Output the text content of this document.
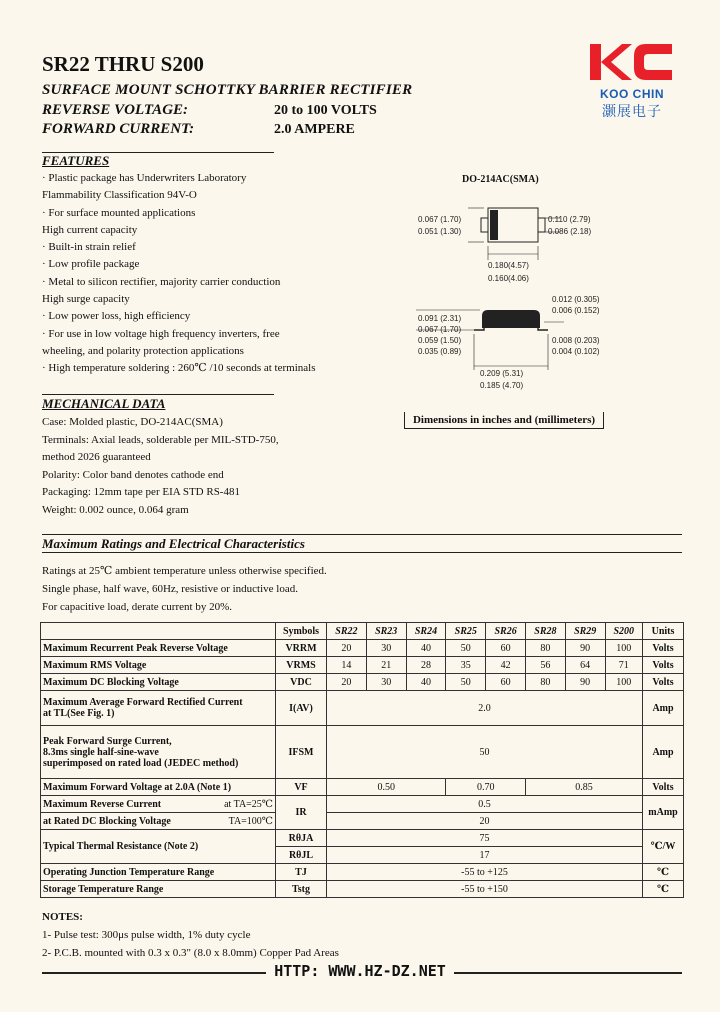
SR22 THRU S200
SURFACE MOUNT SCHOTTKY BARRIER RECTIFIER
REVERSE VOLTAGE:	20 to 100 VOLTS
FORWARD CURRENT:	2.0 AMPERE
KOO CHIN
灏展电子
FEATURES
· Plastic package has Underwriters Laboratory
Flammability Classification 94V-O
· For surface mounted applications
High current capacity
· Built-in strain relief
· Low profile package
· Metal to silicon rectifier, majority carrier conduction
High surge capacity
· Low power loss, high efficiency
· For use in low voltage high frequency inverters, free
wheeling, and polarity protection applications
· High temperature soldering : 260℃ /10 seconds at terminals
MECHANICAL DATA
Case: Molded plastic, DO-214AC(SMA)
Terminals: Axial leads, solderable per MIL-STD-750,
method 2026 guaranteed
Polarity: Color band denotes cathode end
Packaging: 12mm tape per EIA STD RS-481
Weight: 0.002 ounce, 0.064 gram
DO-214AC(SMA)
0.067 (1.70)
0.051 (1.30)
0.110 (2.79)
0.086 (2.18)
0.180(4.57)
0.160(4.06)
0.012 (0.305)
0.006 (0.152)
0.091 (2.31)
0.067 (1.70)
0.059 (1.50)
0.035 (0.89)
0.008 (0.203)
0.004 (0.102)
0.209 (5.31)
0.185 (4.70)
Dimensions in inches and (millimeters)
Maximum Ratings and Electrical Characteristics
Ratings at 25℃ ambient temperature unless otherwise specified.
Single phase, half wave, 60Hz, resistive or inductive load.
For capacitive load, derate current by 20%.
	Symbols	SR22	SR23	SR24	SR25	SR26	SR28	SR29	S200	Units
Maximum Recurrent Peak Reverse Voltage	VRRM	20	30	40	50	60	80	90	100	Volts
Maximum RMS Voltage	VRMS	14	21	28	35	42	56	64	71	Volts
Maximum DC Blocking Voltage	VDC	20	30	40	50	60	80	90	100	Volts

Maximum Average Forward Rectified Current
at TL(See Fig. 1)	I(AV)	2.0								Amp

Peak Forward Surge Current,
8.3ms single half-sine-wave
superimposed on rated load (JEDEC method)	IFSM	50								Amp
Maximum Forward Voltage at 2.0A (Note 1)	VF	0.50			0.70		0.85			Volts
Maximum Reverse Current at TA=25℃	IR	0.5								mAmp
at Rated DC Blocking Voltage TA=100℃		20								
Typical Thermal Resistance (Note 2)	RθJA	75								℃/W
	RθJL	17								
Operating Junction Temperature Range	TJ	-55 to +125								℃
Storage Temperature Range	Tstg	-55 to +150								℃
NOTES:
1- Pulse test: 300μs pulse width, 1% duty cycle
2- P.C.B. mounted with 0.3 x 0.3" (8.0 x 8.0mm) Copper Pad Areas
HTTP: WWW.HZ-DZ.NET
